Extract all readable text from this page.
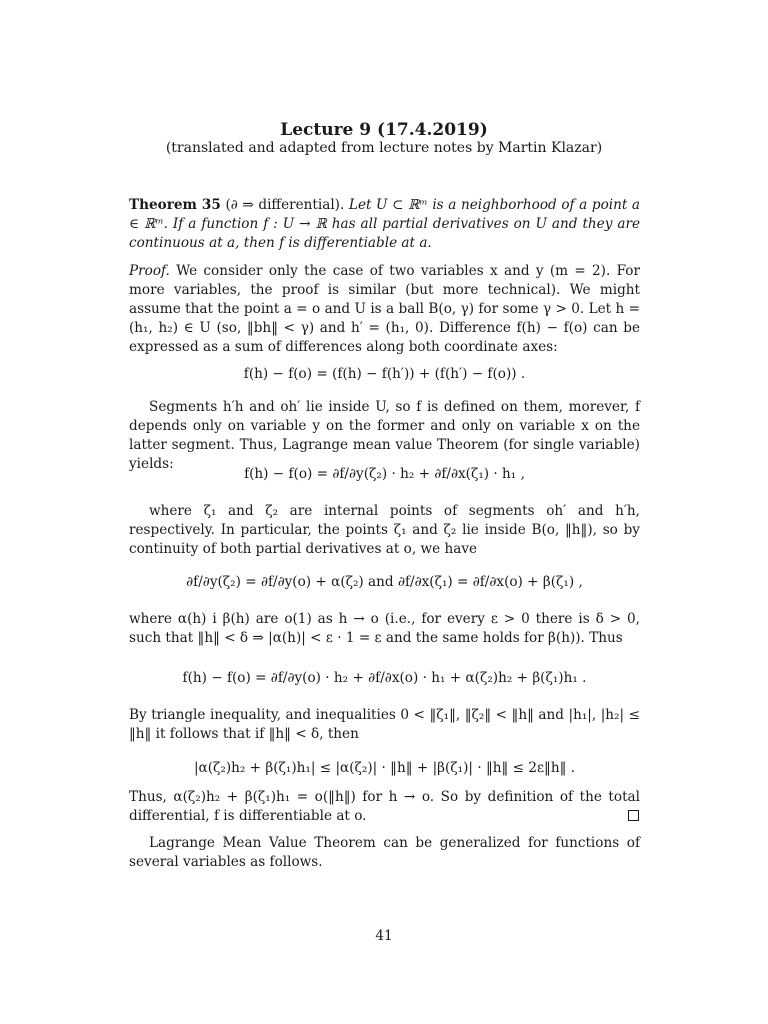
Lecture 9 (17.4.2019)
(translated and adapted from lecture notes by Martin Klazar)
Theorem 35 (∂ ⇒ differential). Let U ⊂ ℝᵐ is a neighborhood of a point a ∈ ℝᵐ. If a function f : U → ℝ has all partial derivatives on U and they are continuous at a, then f is differentiable at a.
Proof. We consider only the case of two variables x and y (m = 2). For more variables, the proof is similar (but more technical). We might assume that the point a = o and U is a ball B(o, γ) for some γ > 0. Let h = (h₁, h₂) ∈ U (so, ‖bh‖ < γ) and h′ = (h₁, 0). Difference f(h) − f(o) can be expressed as a sum of differences along both coordinate axes:
f(h) − f(o) = (f(h) − f(h′)) + (f(h′) − f(o)) .
Segments h′h and oh′ lie inside U, so f is defined on them, morever, f depends only on variable y on the former and only on variable x on the latter segment. Thus, Lagrange mean value Theorem (for single variable) yields:
f(h) − f(o) = ∂f/∂y(ζ₂) · h₂ + ∂f/∂x(ζ₁) · h₁ ,
where ζ₁ and ζ₂ are internal points of segments oh′ and h′h, respectively. In particular, the points ζ₁ and ζ₂ lie inside B(o, ‖h‖), so by continuity of both partial derivatives at o, we have
∂f/∂y(ζ₂) = ∂f/∂y(o) + α(ζ₂) and ∂f/∂x(ζ₁) = ∂f/∂x(o) + β(ζ₁) ,
where α(h) i β(h) are o(1) as h → o (i.e., for every ε > 0 there is δ > 0, such that ‖h‖ < δ ⇒ |α(h)| < ε · 1 = ε and the same holds for β(h)). Thus
f(h) − f(o) = ∂f/∂y(o) · h₂ + ∂f/∂x(o) · h₁ + α(ζ₂)h₂ + β(ζ₁)h₁ .
By triangle inequality, and inequalities 0 < ‖ζ₁‖, ‖ζ₂‖ < ‖h‖ and |h₁|, |h₂| ≤ ‖h‖ it follows that if ‖h‖ < δ, then
|α(ζ₂)h₂ + β(ζ₁)h₁| ≤ |α(ζ₂)| · ‖h‖ + |β(ζ₁)| · ‖h‖ ≤ 2ε‖h‖ .
Thus, α(ζ₂)h₂ + β(ζ₁)h₁ = o(‖h‖) for h → o. So by definition of the total differential, f is differentiable at o.
Lagrange Mean Value Theorem can be generalized for functions of several variables as follows.
41
